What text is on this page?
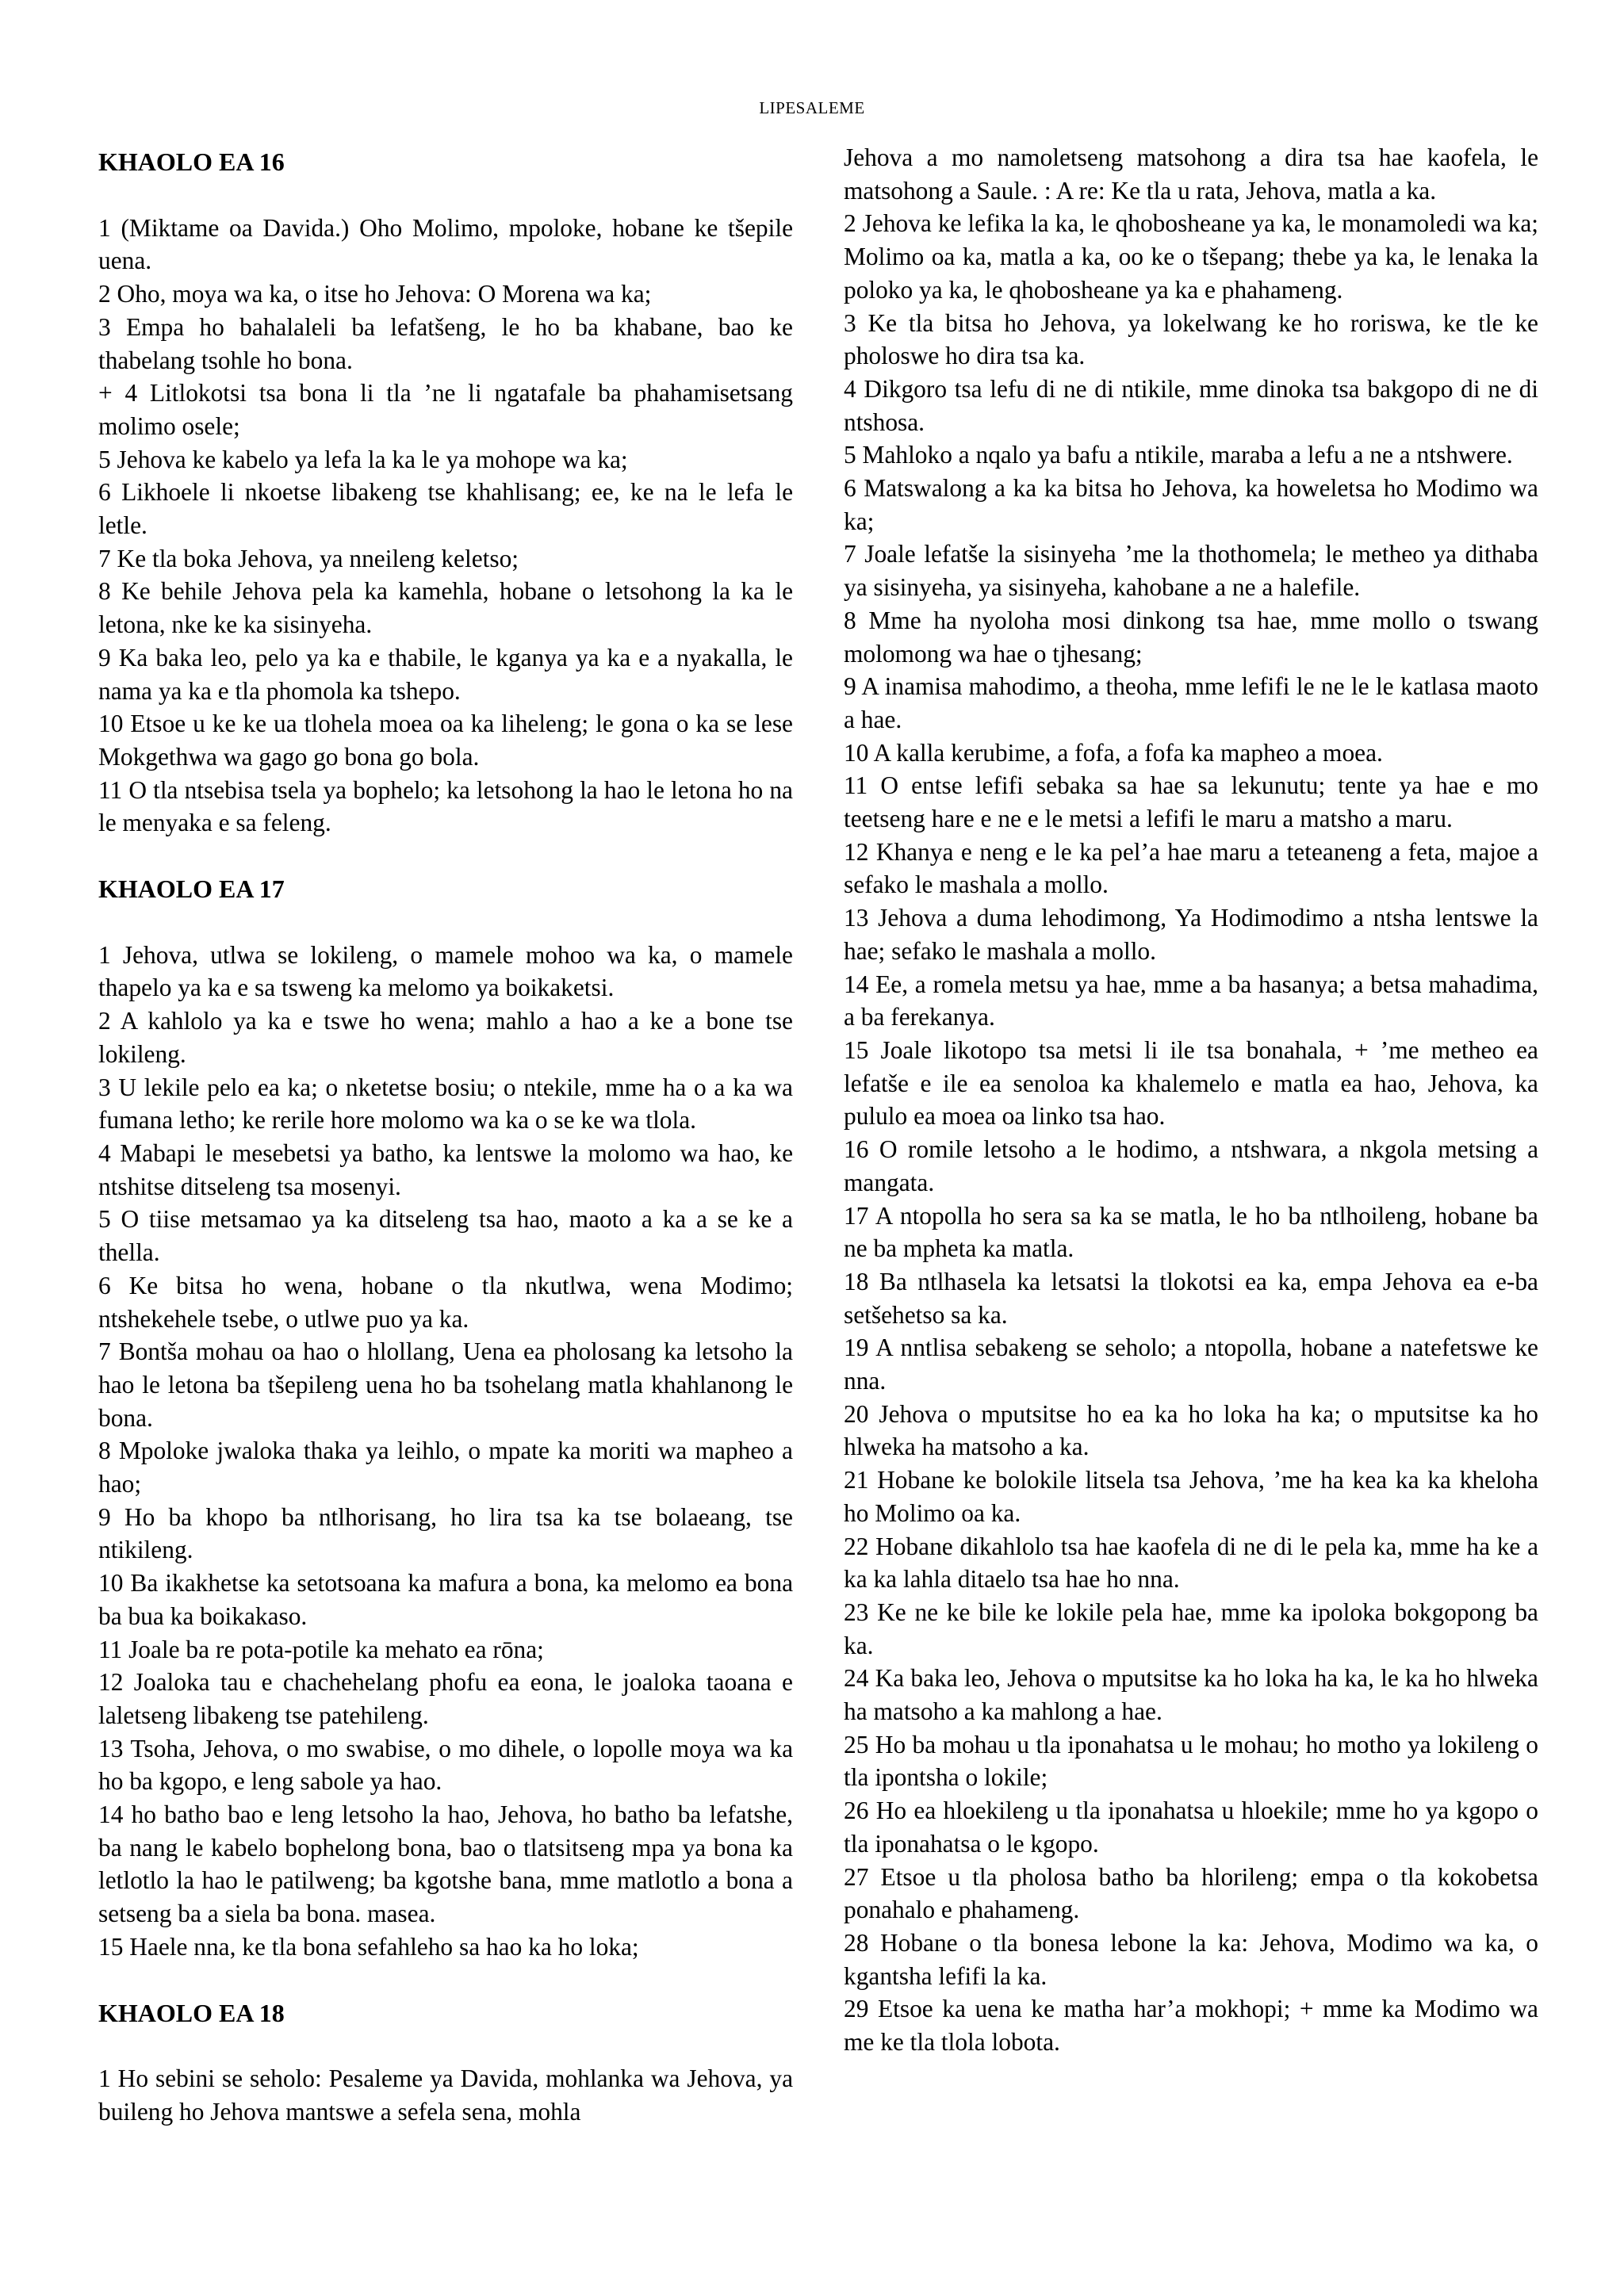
LIPESALEME
KHAOLO EA 16

1 (Miktame oa Davida.) Oho Molimo, mpoloke, hobane ke tšepile uena.

2 Oho, moya wa ka, o itse ho Jehova: O Morena wa ka;

3 Empa ho bahalaleli ba lefatšeng, le ho ba khabane, bao ke thabelang tsohle ho bona.

+ 4 Litlokotsi tsa bona li tla ’ne li ngatafale ba phahamisetsang molimo osele;

5 Jehova ke kabelo ya lefa la ka le ya mohope wa ka;

6 Likhoele li nkoetse libakeng tse khahlisang; ee, ke na le lefa le letle.

7 Ke tla boka Jehova, ya nneileng keletso;

8 Ke behile Jehova pela ka kamehla, hobane o letsohong la ka le letona, nke ke ka sisinyeha.

9 Ka baka leo, pelo ya ka e thabile, le kganya ya ka e a nyakalla, le nama ya ka e tla phomola ka tshepo.

10 Etsoe u ke ke ua tlohela moea oa ka liheleng; le gona o ka se lese Mokgethwa wa gago go bona go bola.

11 O tla ntsebisa tsela ya bophelo; ka letsohong la hao le letona ho na le menyaka e sa feleng.

KHAOLO EA 17

1 Jehova, utlwa se lokileng, o mamele mohoo wa ka, o mamele thapelo ya ka e sa tsweng ka melomo ya boikaketsi.

2 A kahlolo ya ka e tswe ho wena; mahlo a hao a ke a bone tse lokileng.

3 U lekile pelo ea ka; o nketetse bosiu; o ntekile, mme ha o a ka wa fumana letho; ke rerile hore molomo wa ka o se ke wa tlola.

4 Mabapi le mesebetsi ya batho, ka lentswe la molomo wa hao, ke ntshitse ditseleng tsa mosenyi.

5 O tiise metsamao ya ka ditseleng tsa hao, maoto a ka a se ke a thella.

6 Ke bitsa ho wena, hobane o tla nkutlwa, wena Modimo; ntshekehele tsebe, o utlwe puo ya ka.

7 Bontša mohau oa hao o hlollang, Uena ea pholosang ka letsoho la hao le letona ba tšepileng uena ho ba tsohelang matla khahlanong le bona.

8 Mpoloke jwaloka thaka ya leihlo, o mpate ka moriti wa mapheo a hao;

9 Ho ba khopo ba ntlhorisang, ho lira tsa ka tse bolaeang, tse ntikileng.

10 Ba ikakhetse ka setotsoana ka mafura a bona, ka melomo ea bona ba bua ka boikakaso.

11 Joale ba re pota-potile ka mehato ea rōna;

12 Joaloka tau e chachehelang phofu ea eona, le joaloka taoana e laletseng libakeng tse patehileng.

13 Tsoha, Jehova, o mo swabise, o mo dihele, o lopolle moya wa ka ho ba kgopo, e leng sabole ya hao.

14 ho batho bao e leng letsoho la hao, Jehova, ho batho ba lefatshe, ba nang le kabelo bophelong bona, bao o tlatsitseng mpa ya bona ka letlotlo la hao le patilweng; ba kgotshe bana, mme matlotlo a bona a setseng ba a siela ba bona. masea.

15 Haele nna, ke tla bona sefahleho sa hao ka ho loka;

KHAOLO EA 18

1 Ho sebini se seholo: Pesaleme ya Davida, mohlanka wa Jehova, ya buileng ho Jehova mantswe a sefela sena, mohla

Jehova a mo namoletseng matsohong a dira tsa hae kaofela, le matsohong a Saule. : A re: Ke tla u rata, Jehova, matla a ka.

2 Jehova ke lefika la ka, le qhobosheane ya ka, le monamoledi wa ka; Molimo oa ka, matla a ka, oo ke o tšepang; thebe ya ka, le lenaka la poloko ya ka, le qhobosheane ya ka e phahameng.

3 Ke tla bitsa ho Jehova, ya lokelwang ke ho roriswa, ke tle ke pholoswe ho dira tsa ka.

4 Dikgoro tsa lefu di ne di ntikile, mme dinoka tsa bakgopo di ne di ntshosa.

5 Mahloko a nqalo ya bafu a ntikile, maraba a lefu a ne a ntshwere.

6 Matswalong a ka ka bitsa ho Jehova, ka howeletsa ho Modimo wa ka;

7 Joale lefatše la sisinyeha ’me la thothomela; le metheo ya dithaba ya sisinyeha, ya sisinyeha, kahobane a ne a halefile.

8 Mme ha nyoloha mosi dinkong tsa hae, mme mollo o tswang molomong wa hae o tjhesang;

9 A inamisa mahodimo, a theoha, mme lefifi le ne le le katlasa maoto a hae.

10 A kalla kerubime, a fofa, a fofa ka mapheo a moea.

11 O entse lefifi sebaka sa hae sa lekunutu; tente ya hae e mo teetseng hare e ne e le metsi a lefifi le maru a matsho a maru.

12 Khanya e neng e le ka pel’a hae maru a teteaneng a feta, majoe a sefako le mashala a mollo.

13 Jehova a duma lehodimong, Ya Hodimodimo a ntsha lentswe la hae; sefako le mashala a mollo.

14 Ee, a romela metsu ya hae, mme a ba hasanya; a betsa mahadima, a ba ferekanya.

15 Joale likotopo tsa metsi li ile tsa bonahala, + ’me metheo ea lefatše e ile ea senoloa ka khalemelo e matla ea hao, Jehova, ka pululo ea moea oa linko tsa hao.

16 O romile letsoho a le hodimo, a ntshwara, a nkgola metsing a mangata.

17 A ntopolla ho sera sa ka se matla, le ho ba ntlhoileng, hobane ba ne ba mpheta ka matla.

18 Ba ntlhasela ka letsatsi la tlokotsi ea ka, empa Jehova ea e-ba setšehetso sa ka.

19 A nntlisa sebakeng se seholo; a ntopolla, hobane a natefetswe ke nna.

20 Jehova o mputsitse ho ea ka ho loka ha ka; o mputsitse ka ho hlweka ha matsoho a ka.

21 Hobane ke bolokile litsela tsa Jehova, ’me ha kea ka ka kheloha ho Molimo oa ka.

22 Hobane dikahlolo tsa hae kaofela di ne di le pela ka, mme ha ke a ka ka lahla ditaelo tsa hae ho nna.

23 Ke ne ke bile ke lokile pela hae, mme ka ipoloka bokgopong ba ka.

24 Ka baka leo, Jehova o mputsitse ka ho loka ha ka, le ka ho hlweka ha matsoho a ka mahlong a hae.

25 Ho ba mohau u tla iponahatsa u le mohau; ho motho ya lokileng o tla ipontsha o lokile;

26 Ho ea hloekileng u tla iponahatsa u hloekile; mme ho ya kgopo o tla iponahatsa o le kgopo.

27 Etsoe u tla pholosa batho ba hlorileng; empa o tla kokobetsa ponahalo e phahameng.

28 Hobane o tla bonesa lebone la ka: Jehova, Modimo wa ka, o kgantsha lefifi la ka.

29 Etsoe ka uena ke matha har’a mokhopi; + mme ka Modimo wa me ke tla tlola lobota.
